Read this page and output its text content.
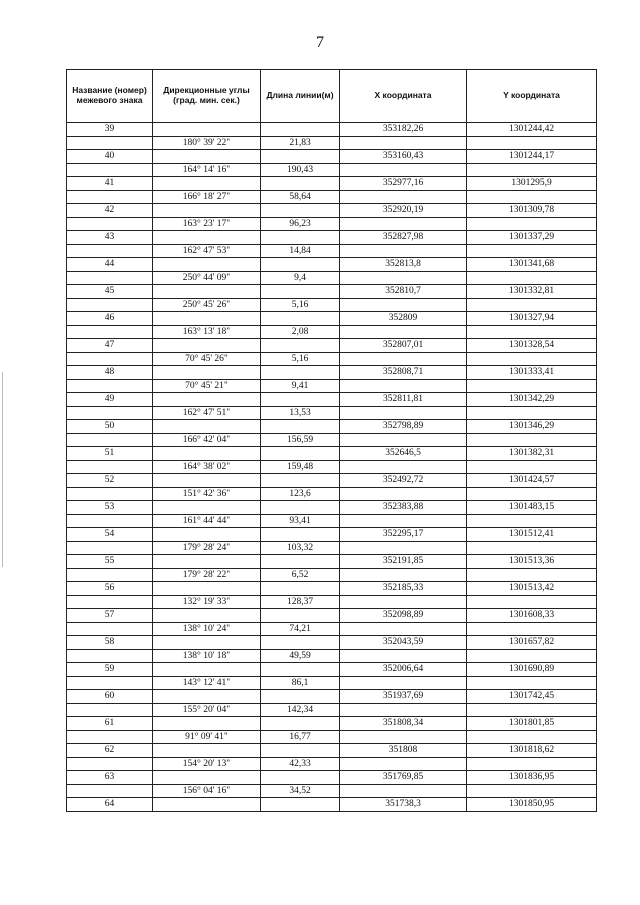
7
Название (номер) межевого знака	Дирекционные углы (град. мин. сек.)	Длина линии(м)	X координата	Y координата
39			353182,26	1301244,42
	180° 39' 22"	21,83		
40			353160,43	1301244,17
	164° 14' 16"	190,43		
41			352977,16	1301295,9
	166° 18' 27"	58,64		
42			352920,19	1301309,78
	163° 23' 17"	96,23		
43			352827,98	1301337,29
	162° 47' 53"	14,84		
44			352813,8	1301341,68
	250° 44' 09"	9,4		
45			352810,7	1301332,81
	250° 45' 26"	5,16		
46			352809	1301327,94
	163° 13' 18"	2,08		
47			352807,01	1301328,54
	70° 45' 26"	5,16		
48			352808,71	1301333,41
	70° 45' 21"	9,41		
49			352811,81	1301342,29
	162° 47' 51"	13,53		
50			352798,89	1301346,29
	166° 42' 04"	156,59		
51			352646,5	1301382,31
	164° 38' 02"	159,48		
52			352492,72	1301424,57
	151° 42' 36"	123,6		
53			352383,88	1301483,15
	161° 44' 44"	93,41		
54			352295,17	1301512,41
	179° 28' 24"	103,32		
55			352191,85	1301513,36
	179° 28' 22"	6,52		
56			352185,33	1301513,42
	132° 19' 33"	128,37		
57			352098,89	1301608,33
	138° 10' 24"	74,21		
58			352043,59	1301657,82
	138° 10' 18"	49,59		
59			352006,64	1301690,89
	143° 12' 41"	86,1		
60			351937,69	1301742,45
	155° 20' 04"	142,34		
61			351808,34	1301801,85
	91° 09' 41"	16,77		
62			351808	1301818,62
	154° 20' 13"	42,33		
63			351769,85	1301836,95
	156° 04' 16"	34,52		
64			351738,3	1301850,95
